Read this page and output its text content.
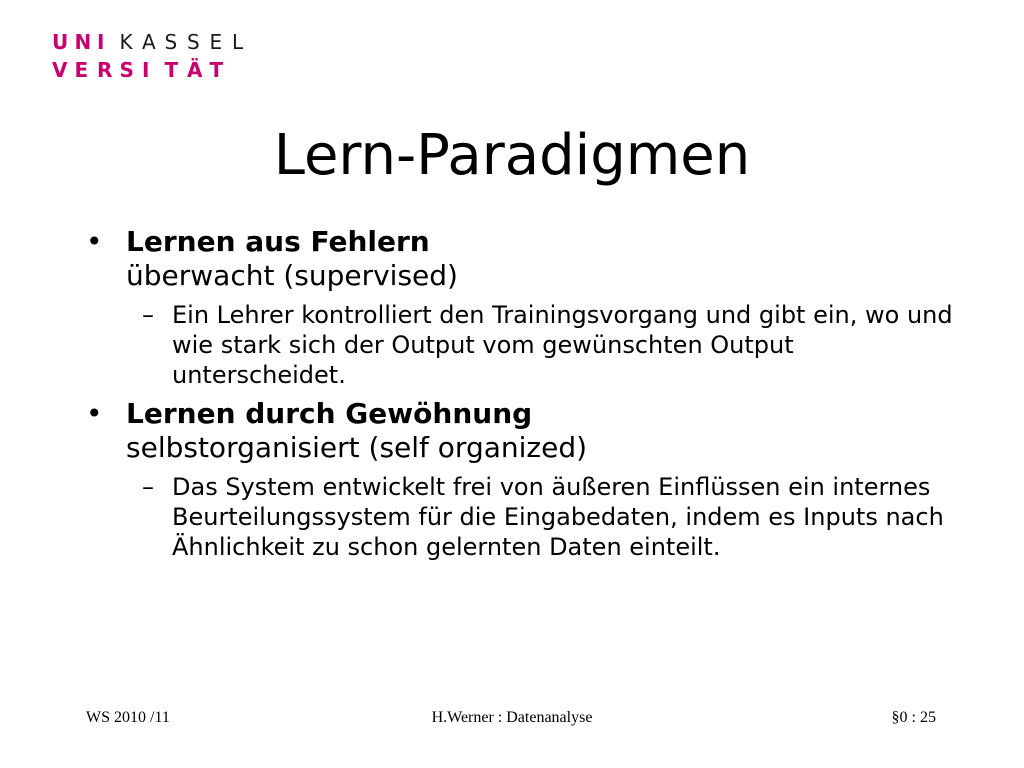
U N I K A S S E L
V E R S I T Ä T
Lern-Paradigmen
• Lernen aus Fehlern
überwacht (supervised)
– Ein Lehrer kontrolliert den Trainingsvorgang und gibt ein, wo und wie stark sich der Output vom gewünschten Output unterscheidet.
• Lernen durch Gewöhnung
selbstorganisiert (self organized)
– Das System entwickelt frei von äußeren Einflüssen ein internes Beurteilungssystem für die Eingabedaten, indem es Inputs nach Ähnlichkeit zu schon gelernten Daten einteilt.
WS 2010 /11	H.Werner : Datenanalyse	§0 : 25
